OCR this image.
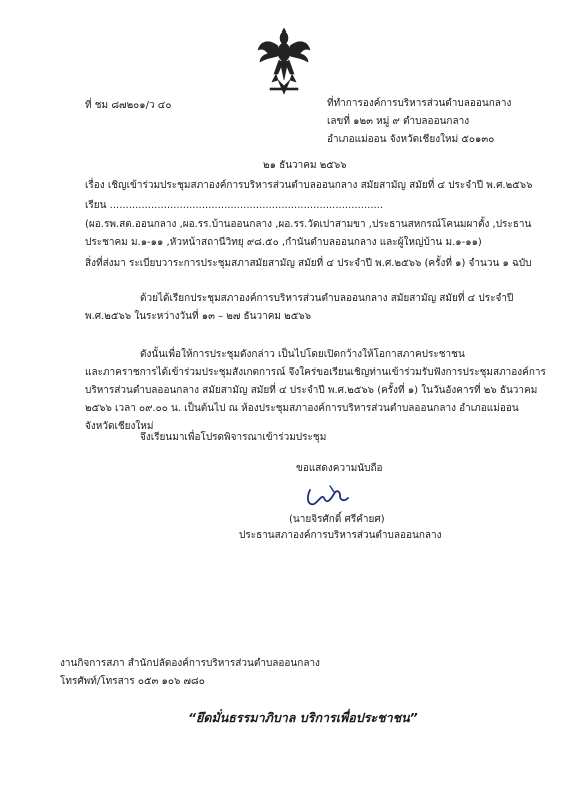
ที่ ชม ๘๗๒๐๑/ว ๔๐	ที่ทำการองค์การบริหารส่วนตำบลออนกลาง
เลขที่ ๑๒๓ หมู่ ๙ ตำบลออนกลาง
อำเภอแม่ออน จังหวัดเชียงใหม่ ๕๐๑๓๐
๒๑ ธันวาคม ๒๕๖๖
เรื่อง เชิญเข้าร่วมประชุมสภาองค์การบริหารส่วนตำบลออนกลาง สมัยสามัญ สมัยที่ ๔ ประจำปี พ.ศ.๒๕๖๖
เรียน ......................................................................................
(ผอ.รพ.สต.ออนกลาง ,ผอ.รร.บ้านออนกลาง ,ผอ.รร.วัดเปาสามขา ,ประธานสหกรณ์โคนมผาตั้ง ,ประธาน
ประชาคม ม.๑-๑๑ ,หัวหน้าสถานีวิทยุ ๙๘.๕๐ ,กำนันตำบลออนกลาง และผู้ใหญ่บ้าน ม.๑-๑๑)
สิ่งที่ส่งมา ระเบียบวาระการประชุมสภาสมัยสามัญ สมัยที่ ๔ ประจำปี พ.ศ.๒๕๖๖ (ครั้งที่ ๑) จำนวน ๑ ฉบับ
ด้วยได้เรียกประชุมสภาองค์การบริหารส่วนตำบลออนกลาง สมัยสามัญ สมัยที่ ๔ ประจำปี
พ.ศ.๒๕๖๖ ในระหว่างวันที่ ๑๓ – ๒๗ ธันวาคม ๒๕๖๖
ดังนั้นเพื่อให้การประชุมดังกล่าว เป็นไปโดยเปิดกว้างให้โอกาสภาคประชาชน
และภาคราชการได้เข้าร่วมประชุมสังเกตการณ์ จึงใคร่ขอเรียนเชิญท่านเข้าร่วมรับฟังการประชุมสภาองค์การ
บริหารส่วนตำบลออนกลาง สมัยสามัญ สมัยที่ ๔ ประจำปี พ.ศ.๒๕๖๖ (ครั้งที่ ๑) ในวันอังคารที่ ๒๖ ธันวาคม
๒๕๖๖ เวลา ๐๙.๐๐ น. เป็นต้นไป ณ ห้องประชุมสภาองค์การบริหารส่วนตำบลออนกลาง อำเภอแม่ออน
จังหวัดเชียงใหม่
จึงเรียนมาเพื่อโปรดพิจารณาเข้าร่วมประชุม
ขอแสดงความนับถือ
(นายจิรศักดิ์ ศรีคำยศ)
ประธานสภาองค์การบริหารส่วนตำบลออนกลาง
งานกิจการสภา สำนักปลัดองค์การบริหารส่วนตำบลออนกลาง
โทรศัพท์/โทรสาร ๐๕๓ ๑๐๖ ๗๘๐
“ยึดมั่นธรรมาภิบาล บริการเพื่อประชาชน”
